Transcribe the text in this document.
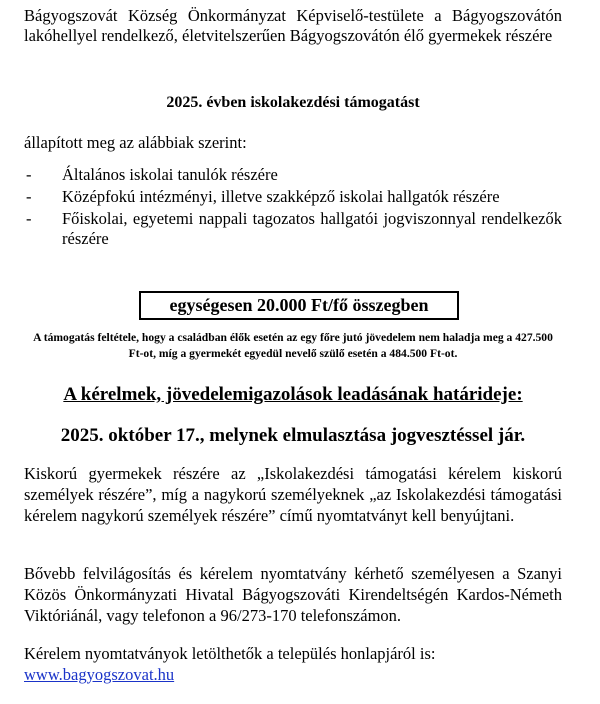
Bágyogszovát Község Önkormányzat Képviselő-testülete a Bágyogszovátón lakóhellyel rendelkező, életvitelszerűen Bágyogszovátón élő gyermekek részére

2025. évben iskolakezdési támogatást
állapított meg az alábbiak szerint:
- Általános iskolai tanulók részére
- Középfokú intézményi, illetve szakképző iskolai hallgatók részére
- Főiskolai, egyetemi nappali tagozatos hallgatói jogviszonnyal rendelkezők részére
egységesen 20.000 Ft/fő összegben
A támogatás feltétele, hogy a családban élők esetén az egy főre jutó jövedelem nem haladja meg a 427.500 Ft-ot, míg a gyermekét egyedül nevelő szülő esetén a 484.500 Ft-ot.
A kérelmek, jövedelemigazolások leadásának határideje:
2025. október 17., melynek elmulasztása jogvesztéssel jár.

Kiskorú gyermekek részére az „Iskolakezdési támogatási kérelem kiskorú személyek részére”, míg a nagykorú személyeknek „az Iskolakezdési támogatási kérelem nagykorú személyek részére” című nyomtatványt kell benyújtani.

Bővebb felvilágosítás és kérelem nyomtatvány kérhető személyesen a Szanyi Közös Önkormányzati Hivatal Bágyogszováti Kirendeltségén Kardos-Németh Viktóriánál, vagy telefonon a 96/273-170 telefonszámon.

Kérelem nyomtatványok letölthetők a település honlapjáról is:
www.bagyogszovat.hu
